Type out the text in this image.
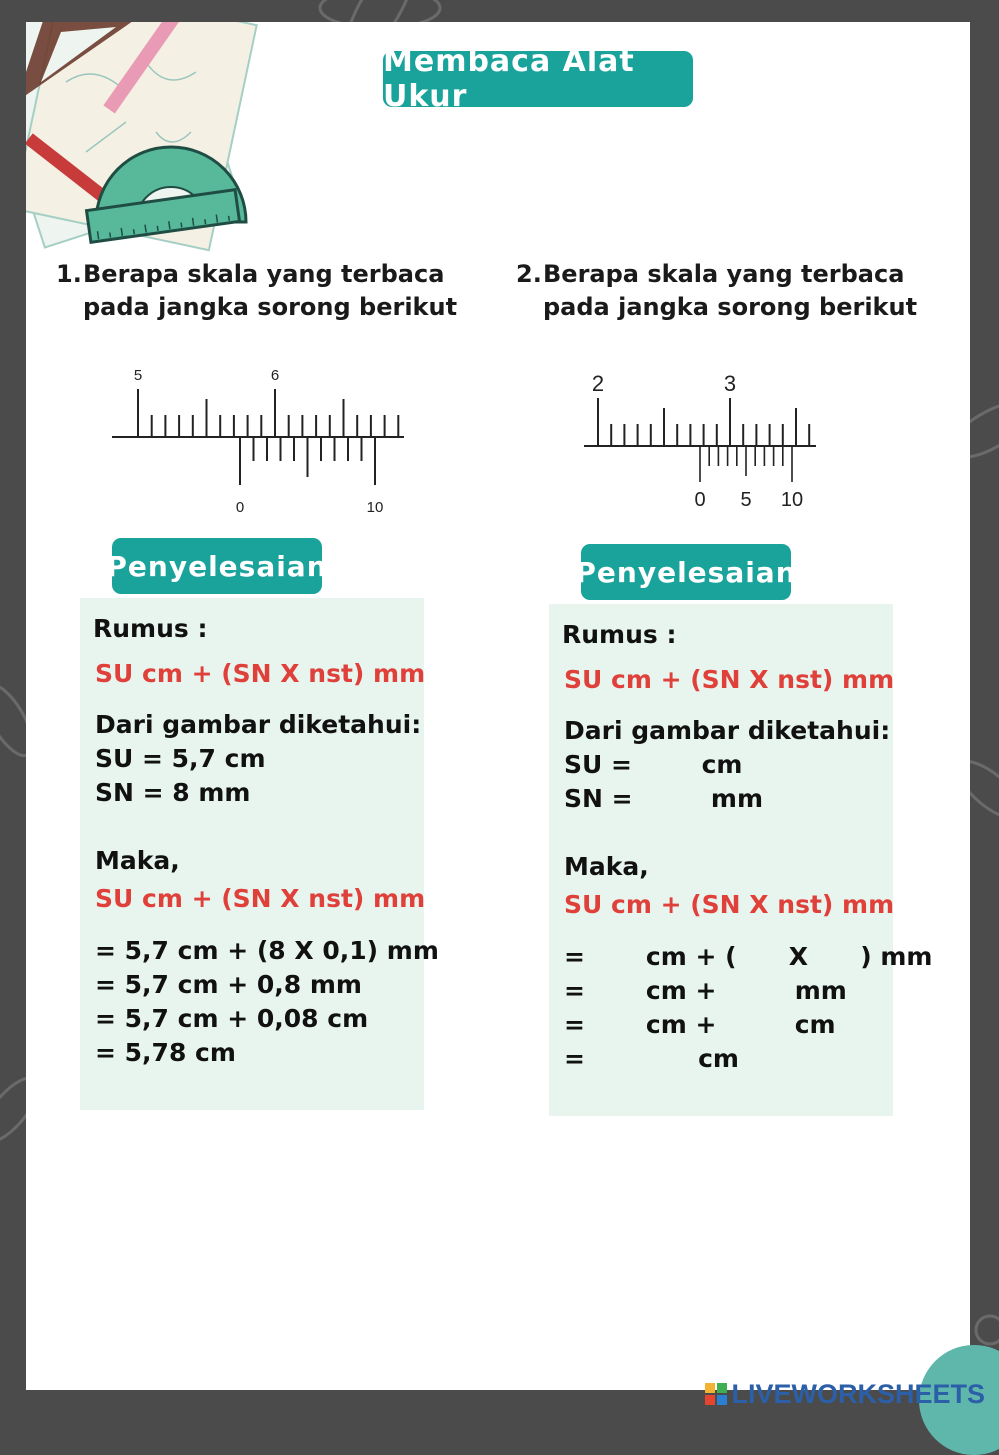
Membaca Alat Ukur
1. Berapa skala yang terbaca pada jangka sorong berikut
5	6
0	10
2. Berapa skala yang terbaca pada jangka sorong berikut
2	3
0 5 10
Penyelesaian
Rumus :
SU cm + (SN X nst) mm
Dari gambar diketahui:
SU = 5,7 cm
SN = 8 mm
Maka,
SU cm + (SN X nst) mm
= 5,7 cm + (8 X 0,1) mm
= 5,7 cm + 0,8 mm
= 5,7 cm + 0,08 cm
= 5,78 cm
Penyelesaian
Rumus :
SU cm + (SN X nst) mm
Dari gambar diketahui:
SU =        cm
SN =         mm
Maka,
SU cm + (SN X nst) mm
=       cm + (      X      ) mm
=       cm +         mm
=       cm +         cm
=             cm
LIVEWORKSHEETS
